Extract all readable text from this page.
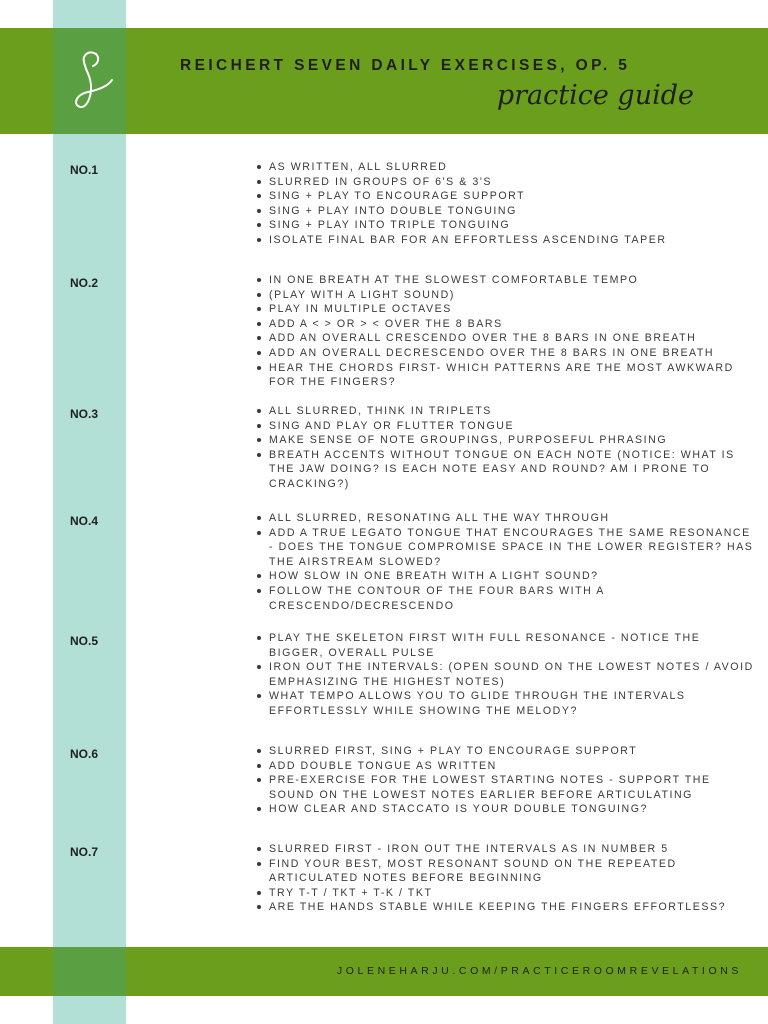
REICHERT SEVEN DAILY EXERCISES, OP. 5
practice guide
NO.1	AS WRITTEN, ALL SLURRED
SLURRED IN GROUPS OF 6'S & 3'S
SING + PLAY TO ENCOURAGE SUPPORT
SING + PLAY INTO DOUBLE TONGUING
SING + PLAY INTO TRIPLE TONGUING
ISOLATE FINAL BAR FOR AN EFFORTLESS ASCENDING TAPER
NO.2	IN ONE BREATH AT THE SLOWEST COMFORTABLE TEMPO
(PLAY WITH A LIGHT SOUND)
PLAY IN MULTIPLE OCTAVES
ADD A < > OR > < OVER THE 8 BARS
ADD AN OVERALL CRESCENDO OVER THE 8 BARS IN ONE BREATH
ADD AN OVERALL DECRESCENDO OVER THE 8 BARS IN ONE BREATH
HEAR THE CHORDS FIRST- WHICH PATTERNS ARE THE MOST AWKWARD FOR THE FINGERS?
NO.3	ALL SLURRED, THINK IN TRIPLETS
SING AND PLAY OR FLUTTER TONGUE
MAKE SENSE OF NOTE GROUPINGS, PURPOSEFUL PHRASING
BREATH ACCENTS WITHOUT TONGUE ON EACH NOTE (NOTICE: WHAT IS THE JAW DOING? IS EACH NOTE EASY AND ROUND? AM I PRONE TO CRACKING?)
NO.4	ALL SLURRED, RESONATING ALL THE WAY THROUGH
ADD A TRUE LEGATO TONGUE THAT ENCOURAGES THE SAME RESONANCE - DOES THE TONGUE COMPROMISE SPACE IN THE LOWER REGISTER? HAS THE AIRSTREAM SLOWED?
HOW SLOW IN ONE BREATH WITH A LIGHT SOUND?
FOLLOW THE CONTOUR OF THE FOUR BARS WITH A CRESCENDO/DECRESCENDO
NO.5	PLAY THE SKELETON FIRST WITH FULL RESONANCE - NOTICE THE BIGGER, OVERALL PULSE
IRON OUT THE INTERVALS: (OPEN SOUND ON THE LOWEST NOTES / AVOID EMPHASIZING THE HIGHEST NOTES)
WHAT TEMPO ALLOWS YOU TO GLIDE THROUGH THE INTERVALS EFFORTLESSLY WHILE SHOWING THE MELODY?
NO.6	SLURRED FIRST, SING + PLAY TO ENCOURAGE SUPPORT
ADD DOUBLE TONGUE AS WRITTEN
PRE-EXERCISE FOR THE LOWEST STARTING NOTES - SUPPORT THE SOUND ON THE LOWEST NOTES EARLIER BEFORE ARTICULATING
HOW CLEAR AND STACCATO IS YOUR DOUBLE TONGUING?
NO.7	SLURRED FIRST - IRON OUT THE INTERVALS AS IN NUMBER 5
FIND YOUR BEST, MOST RESONANT SOUND ON THE REPEATED ARTICULATED NOTES BEFORE BEGINNING
TRY T-T / TKT + T-K / TKT
ARE THE HANDS STABLE WHILE KEEPING THE FINGERS EFFORTLESS?
JOLENEHARJU.COM/PRACTICEROOMREVELATIONS
